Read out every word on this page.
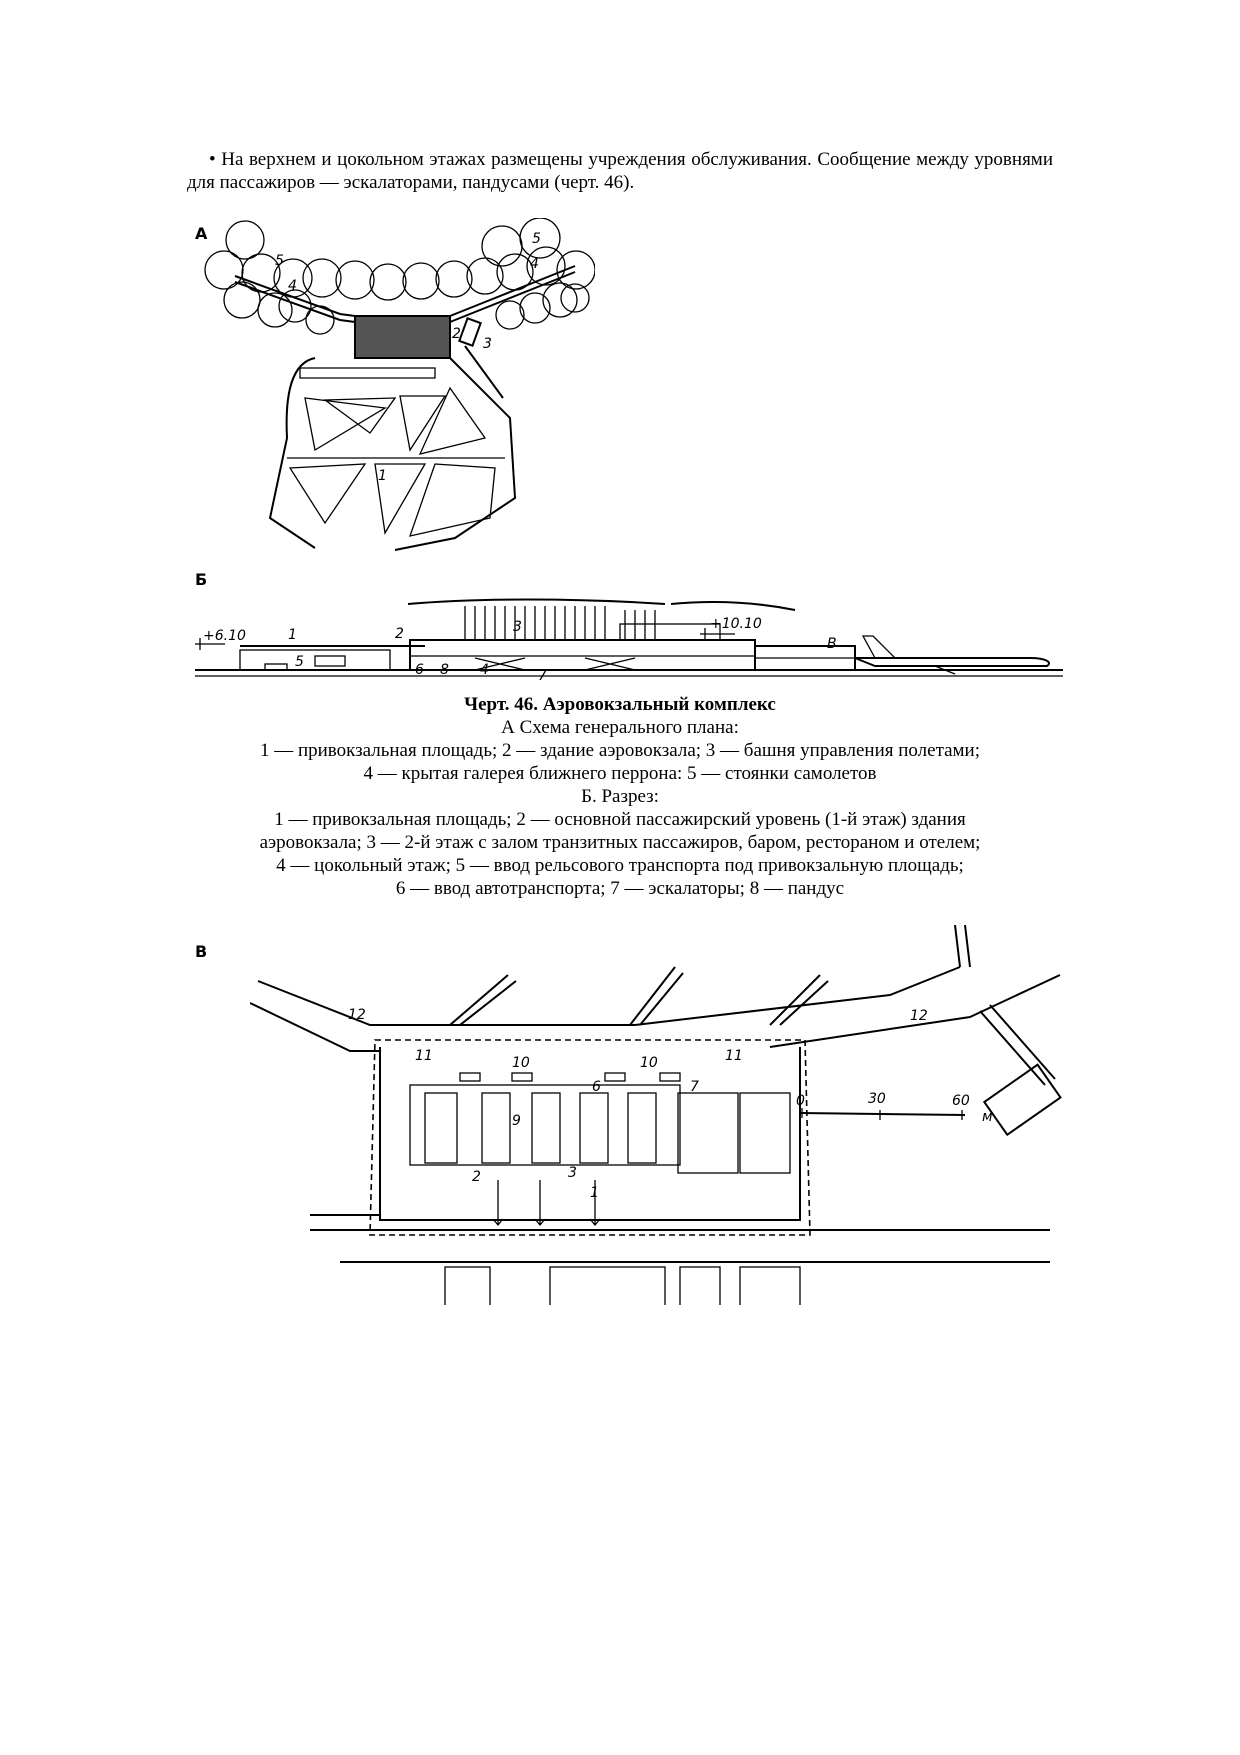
• На верхнем и цокольном этажах размещены учреждения обслуживания. Сообщение между уровнями для пассажиров — эскалаторами, пандусами (черт. 46).
А	5
5
4
4
2
3
1
Б
+6.10
+10.10
1	2	3
4
5	6	7
8
B
Черт. 46. Аэровокзальный комплекс
А Схема генерального плана:
1 — привокзальная площадь; 2 — здание аэровокзала; 3 — башня управления полетами;
4 — крытая галерея ближнего перрона: 5 — стоянки самолетов
Б. Разрез:
1 — привокзальная площадь; 2 — основной пассажирский уровень (1-й этаж) здания
аэровокзала; 3 — 2-й этаж с залом транзитных пассажиров, баром, рестораном и отелем;
4 — цокольный этаж; 5 — ввод рельсового транспорта под привокзальную площадь;
6 — ввод автотранспорта; 7 — эскалаторы; 8 — пандус
В
12	12
11	11
10	10
1
2	3
6	7
9
0	30	60
м
